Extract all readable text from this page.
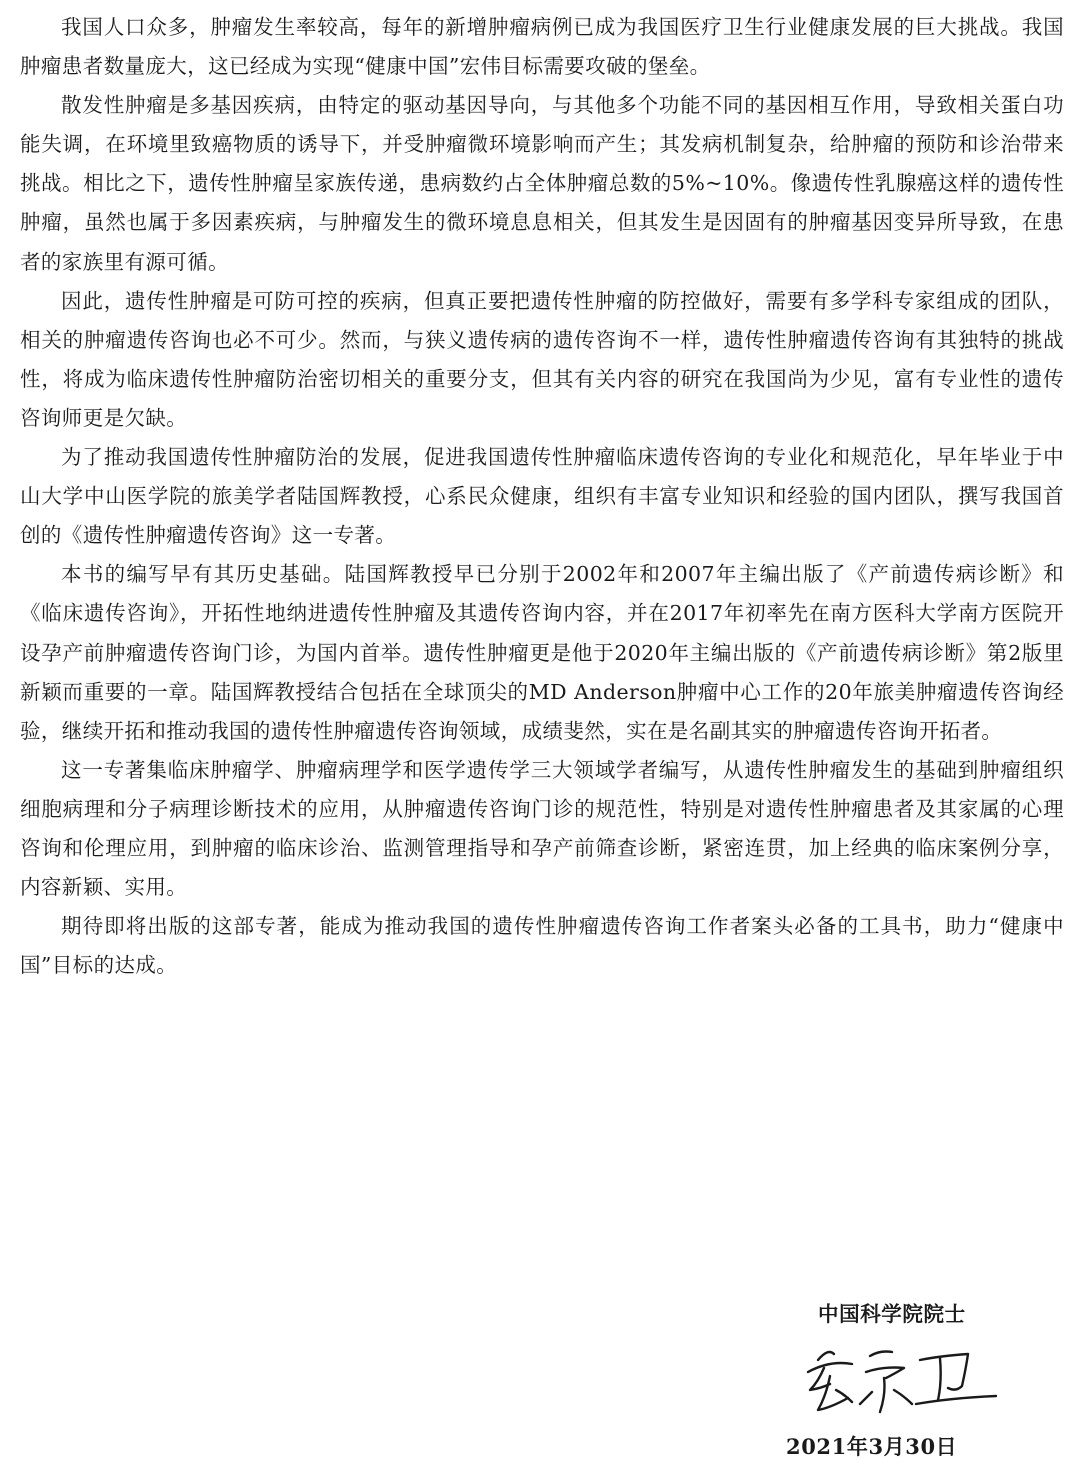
我国人口众多，肿瘤发生率较高，每年的新增肿瘤病例已成为我国医疗卫生行业健康发展的巨大挑战。我国肿瘤患者数量庞大，这已经成为实现“健康中国”宏伟目标需要攻破的堡垒。

散发性肿瘤是多基因疾病，由特定的驱动基因导向，与其他多个功能不同的基因相互作用，导致相关蛋白功能失调，在环境里致癌物质的诱导下，并受肿瘤微环境影响而产生；其发病机制复杂，给肿瘤的预防和诊治带来挑战。相比之下，遗传性肿瘤呈家族传递，患病数约占全体肿瘤总数的5%~10%。像遗传性乳腺癌这样的遗传性肿瘤，虽然也属于多因素疾病，与肿瘤发生的微环境息息相关，但其发生是因固有的肿瘤基因变异所导致，在患者的家族里有源可循。

因此，遗传性肿瘤是可防可控的疾病，但真正要把遗传性肿瘤的防控做好，需要有多学科专家组成的团队，相关的肿瘤遗传咨询也必不可少。然而，与狭义遗传病的遗传咨询不一样，遗传性肿瘤遗传咨询有其独特的挑战性，将成为临床遗传性肿瘤防治密切相关的重要分支，但其有关内容的研究在我国尚为少见，富有专业性的遗传咨询师更是欠缺。

为了推动我国遗传性肿瘤防治的发展，促进我国遗传性肿瘤临床遗传咨询的专业化和规范化，早年毕业于中山大学中山医学院的旅美学者陆国辉教授，心系民众健康，组织有丰富专业知识和经验的国内团队，撰写我国首创的《遗传性肿瘤遗传咨询》这一专著。

本书的编写早有其历史基础。陆国辉教授早已分别于2002年和2007年主编出版了《产前遗传病诊断》和《临床遗传咨询》，开拓性地纳进遗传性肿瘤及其遗传咨询内容，并在2017年初率先在南方医科大学南方医院开设孕产前肿瘤遗传咨询门诊，为国内首举。遗传性肿瘤更是他于2020年主编出版的《产前遗传病诊断》第2版里新颖而重要的一章。陆国辉教授结合包括在全球顶尖的MD Anderson肿瘤中心工作的20年旅美肿瘤遗传咨询经验，继续开拓和推动我国的遗传性肿瘤遗传咨询领域，成绩斐然，实在是名副其实的肿瘤遗传咨询开拓者。

这一专著集临床肿瘤学、肿瘤病理学和医学遗传学三大领域学者编写，从遗传性肿瘤发生的基础到肿瘤组织细胞病理和分子病理诊断技术的应用，从肿瘤遗传咨询门诊的规范性，特别是对遗传性肿瘤患者及其家属的心理咨询和伦理应用，到肿瘤的临床诊治、监测管理指导和孕产前筛查诊断，紧密连贯，加上经典的临床案例分享，内容新颖、实用。

期待即将出版的这部专著，能成为推动我国的遗传性肿瘤遗传咨询工作者案头必备的工具书，助力“健康中国”目标的达成。

中国科学院院士
2021年3月30日
